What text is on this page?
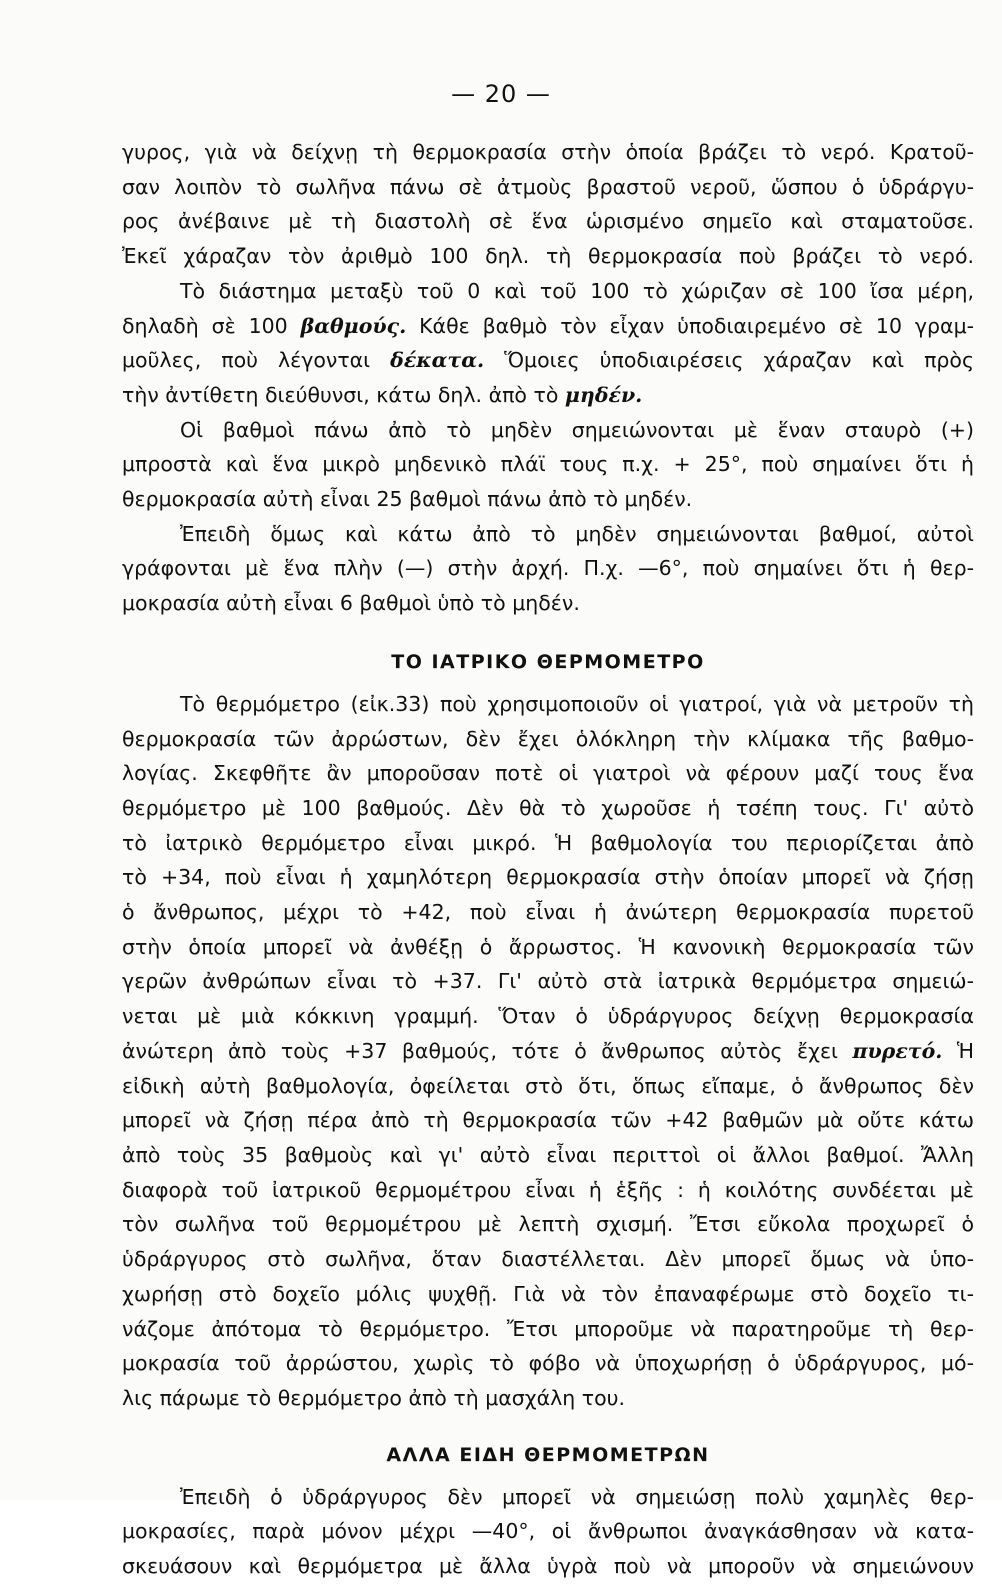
— 20 —

γυρος, γιὰ νὰ δείχνῃ τὴ θερμοκρασία στὴν ὁποία βράζει τὸ νερό. Κρατοῦ-
σαν λοιπὸν τὸ σωλῆνα πάνω σὲ ἀτμοὺς βραστοῦ νεροῦ, ὥσπου ὁ ὑδράργυ-
ρος ἀνέβαινε μὲ τὴ διαστολὴ σὲ ἕνα ὡρισμένο σημεῖο καὶ σταματοῦσε.
Ἐκεῖ χάραζαν τὸν ἀριθμὸ 100 δηλ. τὴ θερμοκρασία ποὺ βράζει τὸ νερό.

Τὸ διάστημα μεταξὺ τοῦ 0 καὶ τοῦ 100 τὸ χώριζαν σὲ 100 ἴσα μέρη,
δηλαδὴ σὲ 100 βαθμούς. Κάθε βαθμὸ τὸν εἶχαν ὑποδιαιρεμένο σὲ 10 γραμ-
μοῦλες, ποὺ λέγονται δέκατα. Ὅμοιες ὑποδιαιρέσεις χάραζαν καὶ πρὸς
τὴν ἀντίθετη διεύθυνσι, κάτω δηλ. ἀπὸ τὸ μηδέν.

Οἱ βαθμοὶ πάνω ἀπὸ τὸ μηδὲν σημειώνονται μὲ ἕναν σταυρὸ (+)
μπροστὰ καὶ ἕνα μικρὸ μηδενικὸ πλάϊ τους π.χ. + 25°, ποὺ σημαίνει ὅτι ἡ
θερμοκρασία αὐτὴ εἶναι 25 βαθμοὶ πάνω ἀπὸ τὸ μηδέν.

Ἐπειδὴ ὅμως καὶ κάτω ἀπὸ τὸ μηδὲν σημειώνονται βαθμοί, αὐτοὶ
γράφονται μὲ ἕνα πλὴν (—) στὴν ἀρχή. Π.χ. —6°, ποὺ σημαίνει ὅτι ἡ θερ-
μοκρασία αὐτὴ εἶναι 6 βαθμοὶ ὑπὸ τὸ μηδέν.

ΤΟ ΙΑΤΡΙΚΟ ΘΕΡΜΟΜΕΤΡΟ

Τὸ θερμόμετρο (εἰκ.33) ποὺ χρησιμοποιοῦν οἱ γιατροί, γιὰ νὰ μετροῦν τὴ
θερμοκρασία τῶν ἀρρώστων, δὲν ἔχει ὁλόκληρη τὴν κλίμακα τῆς βαθμο-
λογίας. Σκεφθῆτε ἂν μποροῦσαν ποτὲ οἱ γιατροὶ νὰ φέρουν μαζί τους ἕνα
θερμόμετρο μὲ 100 βαθμούς. Δὲν θὰ τὸ χωροῦσε ἡ τσέπη τους. Γι' αὐτὸ
τὸ ἰατρικὸ θερμόμετρο εἶναι μικρό. Ἡ βαθμολογία του περιορίζεται ἀπὸ
τὸ +34, ποὺ εἶναι ἡ χαμηλότερη θερμοκρασία στὴν ὁποίαν μπορεῖ νὰ ζήσῃ
ὁ ἄνθρωπος, μέχρι τὸ +42, ποὺ εἶναι ἡ ἀνώτερη θερμοκρασία πυρετοῦ
στὴν ὁποία μπορεῖ νὰ ἀνθέξῃ ὁ ἄρρωστος. Ἡ κανονικὴ θερμοκρασία τῶν
γερῶν ἀνθρώπων εἶναι τὸ +37. Γι' αὐτὸ στὰ ἰατρικὰ θερμόμετρα σημειώ-
νεται μὲ μιὰ κόκκινη γραμμή. Ὅταν ὁ ὑδράργυρος δείχνῃ θερμοκρασία
ἀνώτερη ἀπὸ τοὺς +37 βαθμούς, τότε ὁ ἄνθρωπος αὐτὸς ἔχει πυρετό. Ἡ
εἰδικὴ αὐτὴ βαθμολογία, ὀφείλεται στὸ ὅτι, ὅπως εἴπαμε, ὁ ἄνθρωπος δὲν
μπορεῖ νὰ ζήσῃ πέρα ἀπὸ τὴ θερμοκρασία τῶν +42 βαθμῶν μὰ οὔτε κάτω
ἀπὸ τοὺς 35 βαθμοὺς καὶ γι' αὐτὸ εἶναι περιττοὶ οἱ ἄλλοι βαθμοί. Ἄλλη
διαφορὰ τοῦ ἰατρικοῦ θερμομέτρου εἶναι ἡ ἑξῆς : ἡ κοιλότης συνδέεται μὲ
τὸν σωλῆνα τοῦ θερμομέτρου μὲ λεπτὴ σχισμή. Ἔτσι εὔκολα προχωρεῖ ὁ
ὑδράργυρος στὸ σωλῆνα, ὅταν διαστέλλεται. Δὲν μπορεῖ ὅμως νὰ ὑπο-
χωρήσῃ στὸ δοχεῖο μόλις ψυχθῇ. Γιὰ νὰ τὸν ἐπαναφέρωμε στὸ δοχεῖο τι-
νάζομε ἀπότομα τὸ θερμόμετρο. Ἔτσι μποροῦμε νὰ παρατηροῦμε τὴ θερ-
μοκρασία τοῦ ἀρρώστου, χωρὶς τὸ φόβο νὰ ὑποχωρήσῃ ὁ ὑδράργυρος, μό-
λις πάρωμε τὸ θερμόμετρο ἀπὸ τὴ μασχάλη του.

ΑΛΛΑ ΕΙΔΗ ΘΕΡΜΟΜΕΤΡΩΝ

Ἐπειδὴ ὁ ὑδράργυρος δὲν μπορεῖ νὰ σημειώσῃ πολὺ χαμηλὲς θερ-
μοκρασίες, παρὰ μόνον μέχρι —40°, οἱ ἄνθρωποι ἀναγκάσθησαν νὰ κατα-
σκευάσουν καὶ θερμόμετρα μὲ ἄλλα ὑγρὰ ποὺ νὰ μποροῦν νὰ σημειώνουν
